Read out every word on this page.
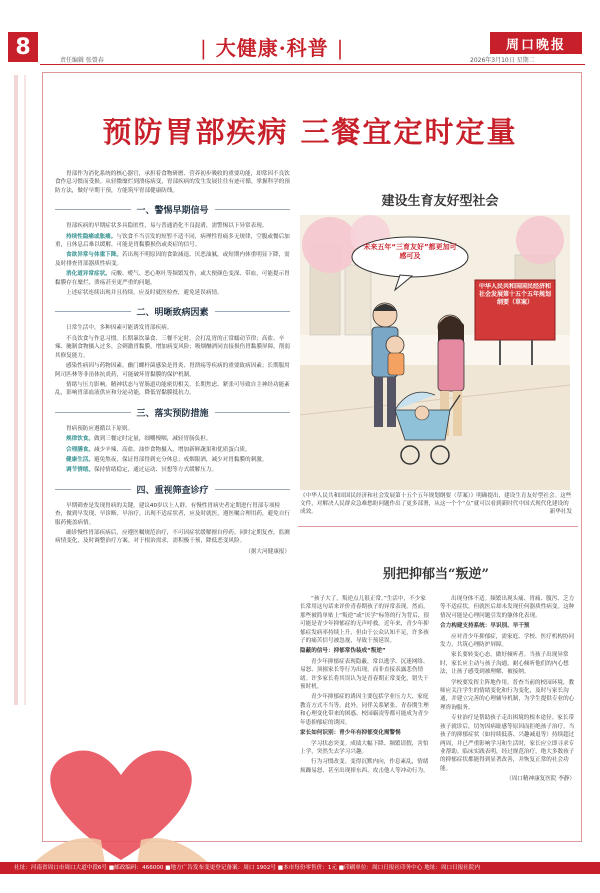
8
责任编辑 张曾春
| 大健康·科普 |	周口晚报
2026年3月10日 星期二
预防胃部疾病 三餐宜定时定量

胃部作为消化系统的核心器官，承担着食物研磨、营养初步吸收的重要功能，却常因不良饮食作息习惯而受损。从轻微糜烂到溃疡病变，胃部疾病的发生发展往往有迹可循。掌握科学的预防方法，做好早期干预，方能筑牢胃部健康防线。

一、警惕早期信号

胃部疾病的早期症状多具隐匿性，易与普通消化不良混淆，需警惕以下异常表现。

持续性隐痛或胀痛。与饮食不当引发的短暂不适不同，病理性胃痛多无规律，空腹或餐后加重，且休息后难以缓解，可能是胃黏膜损伤或炎症的信号。

食欲异常与体重下降。若出现不明原因的食欲减退、厌恶油腻，或短期内体重明显下降，需及时排查胃部器质性病变。

消化道异常症状。反酸、嗳气、恶心呕吐等频繁发作，或大便颜色变深、带血，可能提示胃黏膜存在糜烂、溃疡甚至更严重的问题。

上述症状连续出现并且持续，应及时就医检查，避免延误病情。

二、明晰致病因素

日常生活中，多种因素可能诱发胃部疾病。

不良饮食与作息习惯。长期暴饮暴食、三餐不定时，会打乱胃的正常蠕动节律；高盐、辛辣、腌制食物摄入过多，会刺激胃黏膜，增加病变风险；吸烟酗酒同直接损伤胃黏膜屏障，削弱其修复能力。

感染性病因与药物因素。幽门螺杆菌感染是胃炎、胃溃疡等疾病的重要致病因素；长期服用阿司匹林等非甾体抗炎药，可能破坏胃黏膜的保护机制。

情绪与压力影响。精神状态与胃肠道功能密切相关，长期焦虑、紧张可导致自主神经功能紊乱，影响胃部血液供应和分泌功能，降低胃黏膜抵抗力。

三、落实预防措施

胃病预防应遵循以下原则。

规律饮食。做到三餐定时定量，细嚼慢咽，减轻胃肠负担。

合理膳食。减少辛辣、高盐、油炸食物摄入，增加新鲜蔬果和优质蛋白质。

健康生活。避免熬夜，保证胃部得到充分休息；戒烟限酒，减少对胃黏膜的刺激。

调节情绪。保持情绪稳定，通过运动、冥想等方式缓解压力。

四、重视筛查诊疗

早期筛查是发现胃病的关键。建议40岁以上人群、有慢性胃病史者定期进行胃部专项检查，做到早发现、早诊断、早治疗。出现不适症状者，应及时就医，遵医嘱合理用药，避免自行服药掩盖病情。

确诊慢性胃部疾病后，应遵医嘱规范治疗，不可因症状缓解擅自停药。同时定期复查，监测病情变化，及时调整治疗方案。对于根治需求，需积极干预，降低恶变风险。

（据大河健康报）
建设生育友好型社会
中华人民共和国国民经济和社会发展第十五个五年规划纲要（草案）
未来五年“三育友好”都更加可感可及
《中华人民共和国国民经济和社会发展第十五个五年规划纲要（草案）》明确提出，建设生育友好型社会。这些文件，对解决人民群众急难愁盼问题作出了更多部署，从这一个个“点”就可以看到新时代中国式现代化建设的成效。	新华社发
别把抑郁当“叛逆”

“孩子大了，叛逆点儿很正常。”生活中，不少家长常用这句话来评价青春期孩子的异常表现。然而，那些被简单贴上“叛逆”或“厌学”标签的行为背后，很可能是青少年抑郁症的无声呼救。近年来，青少年抑郁症发病率持续上升，但由于公众认知不足，许多孩子的痛苦信号被忽视，导致干预延误。

隐蔽的信号：抑郁常伪装成“叛逆”

青少年抑郁症表现隐蔽，常以逃学、沉迷网络、易怒、顶撞家长等行为出现，而非直接表露悲伤情绪。许多家长将其误认为是青春期正常变化，错失干预时机。

青少年抑郁症的诱因主要包括学业压力大、家庭教育方式不当等。此外，同伴关系紧张、青春期生理和心理变化带来的困惑、校园霸凌等都可能成为青少年患抑郁症的诱因。

家长如何识别：青少年有抑郁变化需警惕

学习状态突变。成绩大幅下降、频繁请假，害怕上学，突然失去学习兴趣。

行为习惯改变。变得沉默内向，作息紊乱，情绪烦躁易怒，甚至出现摔东西、攻击他人等冲动行为。

出现身体不适。频繁出现头痛、胃痛、腹泻、乏力等不适症状，但就医后却未发现任何器质性病变。这种情况可能是心理问题引发的躯体化表现。

合力构建支持系统：早识别、早干预

应对青少年抑郁症，需家庭、学校、医疗机构协同发力，共筑心理防护屏障。

家长要转变心态，做好倾听者。当孩子出现异常时，家长应主动与孩子沟通，耐心倾听他们的内心想法，让孩子感受到被理解、被接纳。

学校要发挥主阵地作用。普查当前的校园环境，教师应关注学生的情绪变化和行为变化，及时与家长沟通，并建立完善的心理辅导机制，为学生提供专业的心理咨询服务。

专业治疗是帮助孩子走出困境的根本途径。家长带孩子就诊后，切勿因病耻感等原因而拒绝孩子治疗。当孩子的抑郁症状（如持续低落、兴趣减退等）持续超过两周，并已严重影响学习和生活时，家长应立即寻求专业帮助。临床实践表明，经过规范治疗，绝大多数孩子的抑郁症状都能得到显著改善，并恢复正常的社会功能。

（周口精神康复医院 李静）
社址：河南省周口市周口大道中段6号 ■邮政编码：466000 ■地方广告发布变更登记备案：周口 1902号 ■本市每份零售价：1元 ■印刷单位：周口日报社印务中心 地址：周口日报社院内
